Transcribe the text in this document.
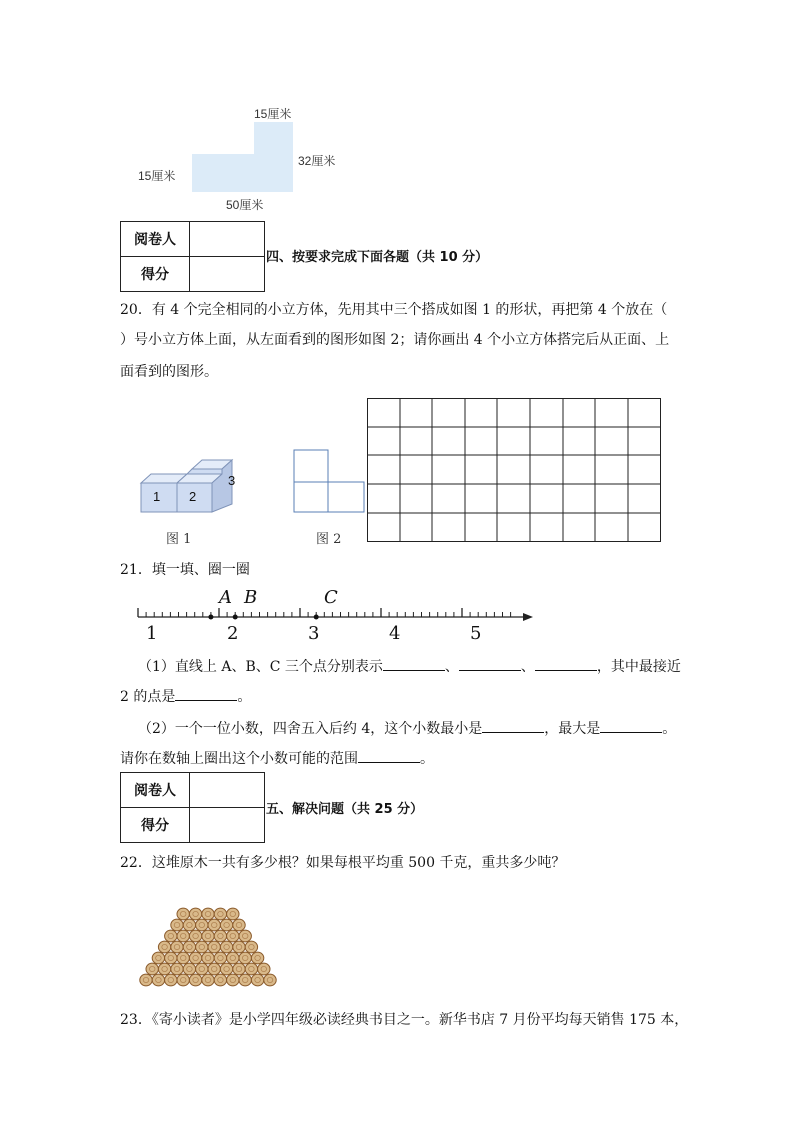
15厘米
32厘米
15厘米
50厘米
阅卷人	
得分	
四、按要求完成下面各题（共 10 分）
20．有 4 个完全相同的小立方体，先用其中三个搭成如图 1 的形状，再把第 4 个放在（
）号小立方体上面，从左面看到的图形如图 2；请你画出 4 个小立方体搭完后从正面、上
面看到的图形。
1 2
3
图 1	图 2
21．填一填、圈一圈
A B	C
1	2	3	4	5
（1）直线上 A、B、C 三个点分别表示	、	、	，其中最接近
2 的点是	。
（2）一个一位小数，四舍五入后约 4，这个小数最小是	，最大是	。
请你在数轴上圈出这个小数可能的范围	。
阅卷人	
得分	
五、解决问题（共 25 分）
22．这堆原木一共有多少根？如果每根平均重 500 千克，重共多少吨？
23．《寄小读者》是小学四年级必读经典书目之一。新华书店 7 月份平均每天销售 175 本，
